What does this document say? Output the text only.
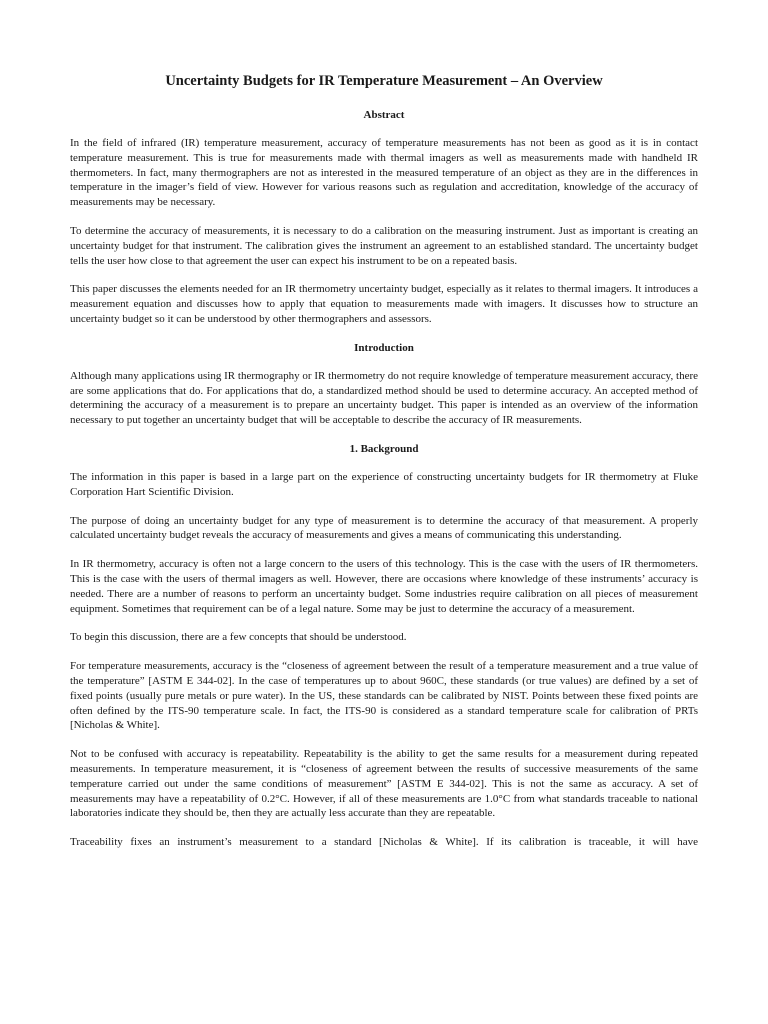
Uncertainty Budgets for IR Temperature Measurement – An Overview
Abstract

In the field of infrared (IR) temperature measurement, accuracy of temperature measurements has not been as good as it is in contact temperature measurement. This is true for measurements made with thermal imagers as well as measurements made with handheld IR thermometers. In fact, many thermographers are not as interested in the measured temperature of an object as they are in the differences in temperature in the imager’s field of view. However for various reasons such as regulation and accreditation, knowledge of the accuracy of measurements may be necessary.

To determine the accuracy of measurements, it is necessary to do a calibration on the measuring instrument. Just as important is creating an uncertainty budget for that instrument. The calibration gives the instrument an agreement to an established standard. The uncertainty budget tells the user how close to that agreement the user can expect his instrument to be on a repeated basis.

This paper discusses the elements needed for an IR thermometry uncertainty budget, especially as it relates to thermal imagers. It introduces a measurement equation and discusses how to apply that equation to measurements made with imagers. It discusses how to structure an uncertainty budget so it can be understood by other thermographers and assessors.

Introduction

Although many applications using IR thermography or IR thermometry do not require knowledge of temperature measurement accuracy, there are some applications that do. For applications that do, a standardized method should be used to determine accuracy. An accepted method of determining the accuracy of a measurement is to prepare an uncertainty budget. This paper is intended as an overview of the information necessary to put together an uncertainty budget that will be acceptable to describe the accuracy of IR measurements.

1. Background

The information in this paper is based in a large part on the experience of constructing uncertainty budgets for IR thermometry at Fluke Corporation Hart Scientific Division.

The purpose of doing an uncertainty budget for any type of measurement is to determine the accuracy of that measurement. A properly calculated uncertainty budget reveals the accuracy of measurements and gives a means of communicating this understanding.

In IR thermometry, accuracy is often not a large concern to the users of this technology. This is the case with the users of IR thermometers. This is the case with the users of thermal imagers as well. However, there are occasions where knowledge of these instruments’ accuracy is needed. There are a number of reasons to perform an uncertainty budget. Some industries require calibration on all pieces of measurement equipment. Sometimes that requirement can be of a legal nature. Some may be just to determine the accuracy of a measurement.

To begin this discussion, there are a few concepts that should be understood.

For temperature measurements, accuracy is the “closeness of agreement between the result of a temperature measurement and a true value of the temperature” [ASTM E 344-02]. In the case of temperatures up to about 960C, these standards (or true values) are defined by a set of fixed points (usually pure metals or pure water). In the US, these standards can be calibrated by NIST. Points between these fixed points are often defined by the ITS-90 temperature scale. In fact, the ITS-90 is considered as a standard temperature scale for calibration of PRTs [Nicholas & White].

Not to be confused with accuracy is repeatability. Repeatability is the ability to get the same results for a measurement during repeated measurements. In temperature measurement, it is “closeness of agreement between the results of successive measurements of the same temperature carried out under the same conditions of measurement” [ASTM E 344-02]. This is not the same as accuracy. A set of measurements may have a repeatability of 0.2°C. However, if all of these measurements are 1.0°C from what standards traceable to national laboratories indicate they should be, then they are actually less accurate than they are repeatable.

Traceability fixes an instrument’s measurement to a standard [Nicholas & White]. If its calibration is traceable, it will have
